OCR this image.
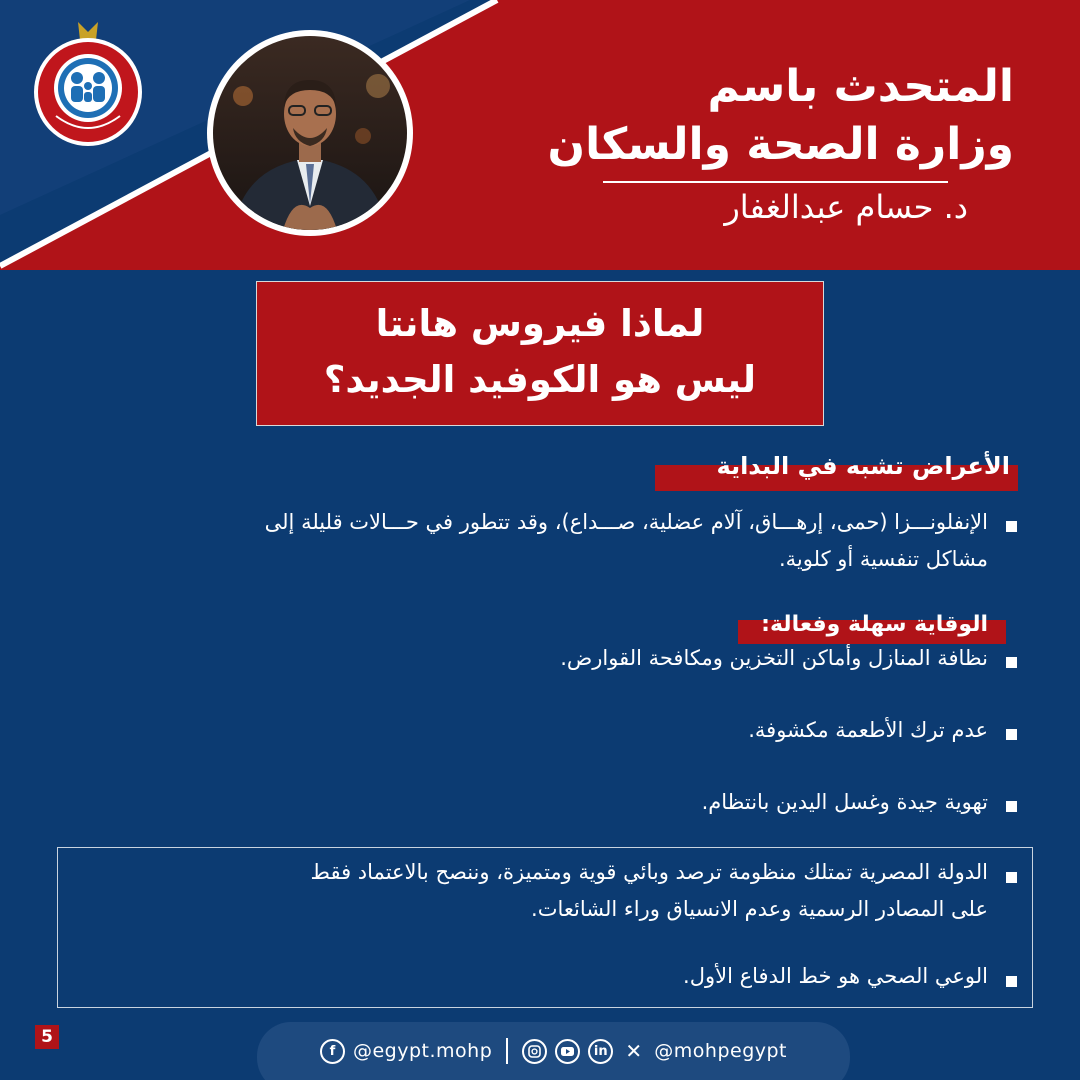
المتحدث باسم
وزارة الصحة والسكان
د. حسام عبدالغفار
لماذا فيروس هانتا
ليس هو الكوفيد الجديد؟
الأعراض تشبه في البداية
الإنفلونـــزا (حمى، إرهـــاق، آلام عضلية، صـــداع)، وقد تتطور في حـــالات قليلة إلى
مشاكل تنفسية أو كلوية.
الوقاية سهلة وفعالة:
نظافة المنازل وأماكن التخزين ومكافحة القوارض.
عدم ترك الأطعمة مكشوفة.
تهوية جيدة وغسل اليدين بانتظام.
الدولة المصرية تمتلك منظومة ترصد وبائي قوية ومتميزة، وننصح بالاعتماد فقط
على المصادر الرسمية وعدم الانسياق وراء الشائعات.
الوعي الصحي هو خط الدفاع الأول.
5
f @egypt.mohp	in ✕ @mohpegypt
